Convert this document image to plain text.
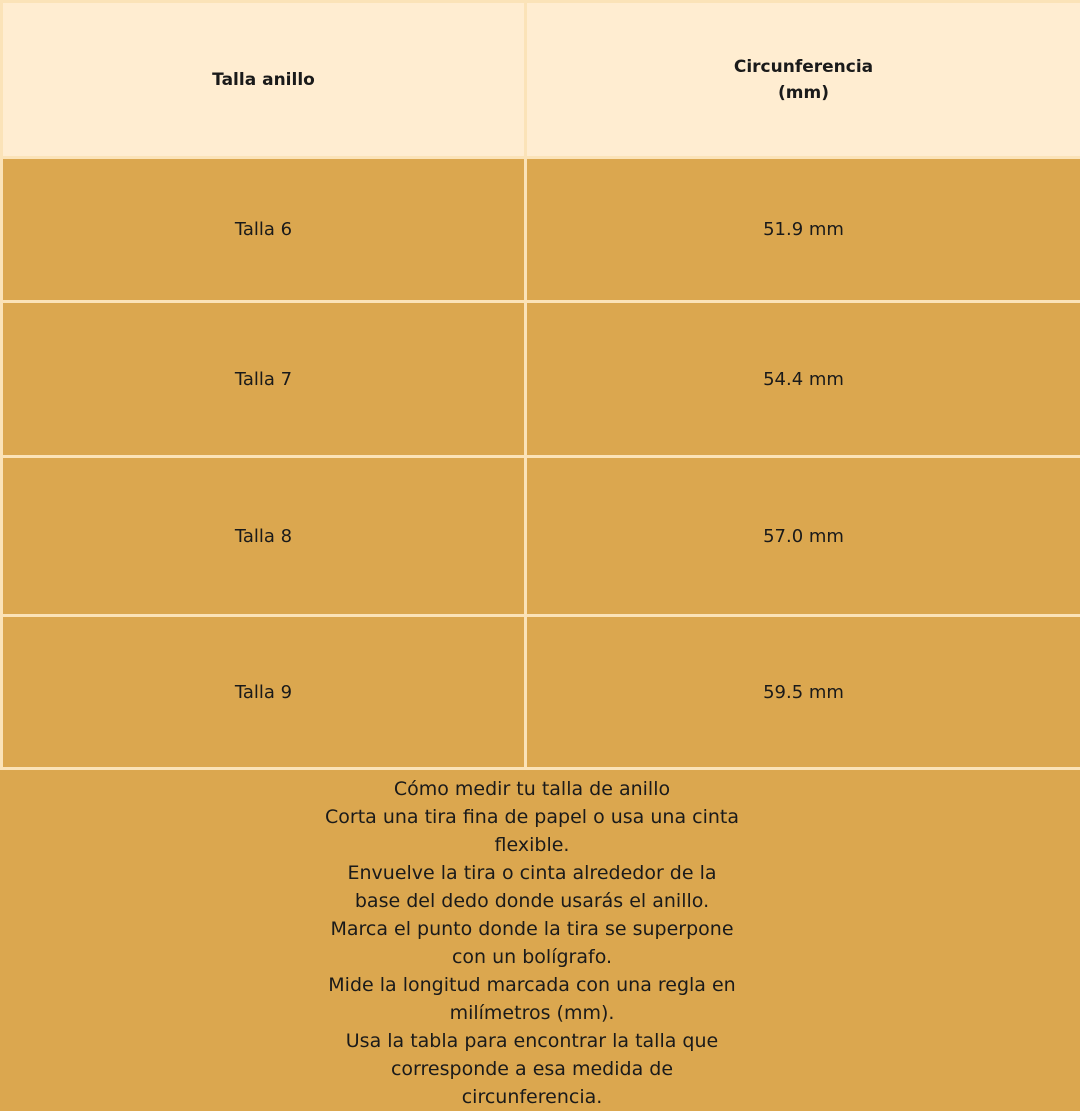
Talla anillo	Circunferencia
(mm)

Talla 6	51.9 mm
Talla 7	54.4 mm
Talla 8	57.0 mm
Talla 9	59.5 mm

Cómo medir tu talla de anillo

Corta una tira fina de papel o usa una cinta flexible.

Envuelve la tira o cinta alrededor de la base del dedo donde usarás el anillo.

Marca el punto donde la tira se superpone con un bolígrafo.

Mide la longitud marcada con una regla en milímetros (mm).

Usa la tabla para encontrar la talla que corresponde a esa medida de circunferencia.
